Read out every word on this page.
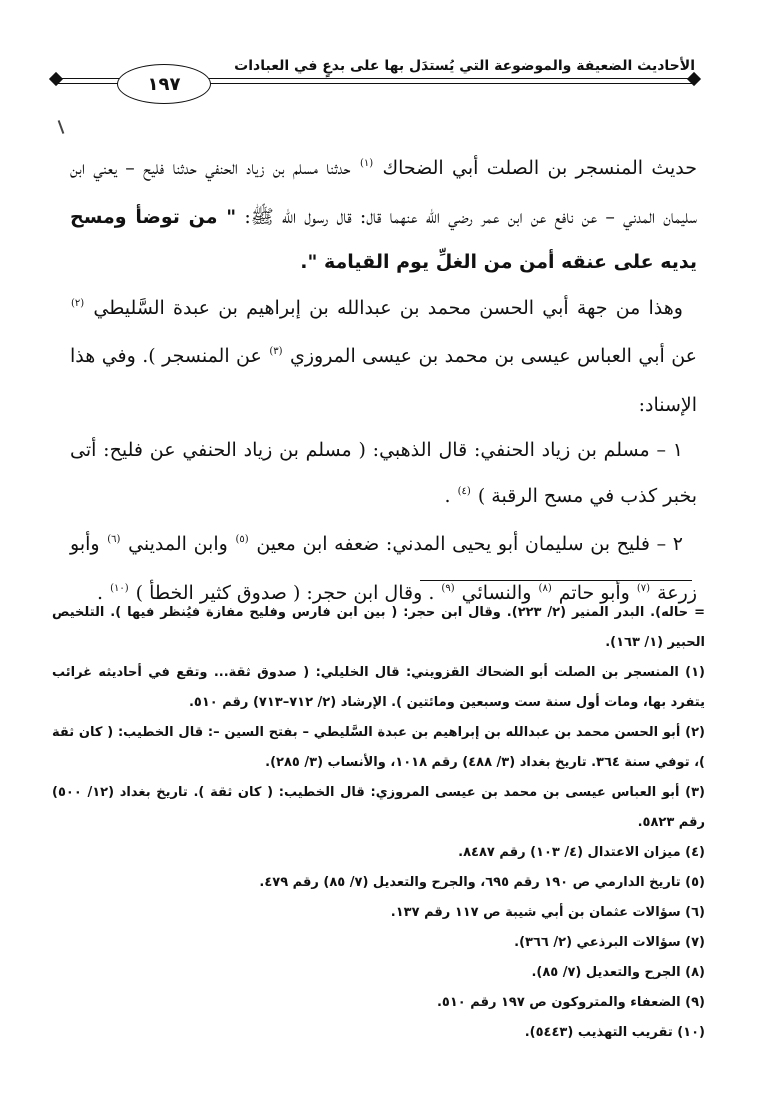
الأحاديث الضعيفة والموضوعة التي يُستدَل بها على بدعٍ في العبادات
١٩٧

حديث المنسجر بن الصلت أبي الضحاك $^{(١)}$ حدثنا مسلم بن زياد الحنفي حدثنا فليح – يعني ابن سليمان المدني – عن نافع عن ابن عمر رضي الله عنهما قال: قال رسول الله ﷺ: " من توضأ ومسح يديه على عنقه أمن من الغلِّ يوم القيامة ".

وهذا من جهة أبي الحسن محمد بن عبدالله بن إبراهيم بن عبدة السَّليطي $^{(٢)}$ عن أبي العباس عيسى بن محمد بن عيسى المروزي $^{(٣)}$ عن المنسجر ). وفي هذا الإسناد:

١ – مسلم بن زياد الحنفي: قال الذهبي: ( مسلم بن زياد الحنفي عن فليح: أتى بخبر كذب في مسح الرقبة ) $^{(٤)}$ .

٢ – فليح بن سليمان أبو يحيى المدني: ضعفه ابن معين $^{(٥)}$ وابن المديني $^{(٦)}$ وأبو زرعة $^{(٧)}$ وأبو حاتم $^{(٨)}$ والنسائي $^{(٩)}$ . وقال ابن حجر: ( صدوق كثير الخطأ ) $^{(١٠)}$ .

=حاله). البدر المنير (٢/ ٢٢٣). وقال ابن حجر: ( بين ابن فارس وفليح مفازة فيُنظر فيها ). التلخيص الحبير (١/ ١٦٣).

(١) المنسجر بن الصلت أبو الضحاك القزويني: قال الخليلي: ( صدوق ثقة... وتقع في أحاديثه غرائب يتفرد بها، ومات أول سنة ست وسبعين ومائتين ). الإرشاد (٢/ ٧١٢–٧١٣) رقم ٥١٠.

(٢) أبو الحسن محمد بن عبدالله بن إبراهيم بن عبدة السَّليطي – بفتح السين –: قال الخطيب: ( كان ثقة )، توفي سنة ٣٦٤. تاريخ بغداد (٣/ ٤٨٨) رقم ١٠١٨، والأنساب (٣/ ٢٨٥).

(٣) أبو العباس عيسى بن محمد بن عيسى المروزي: قال الخطيب: ( كان ثقة ). تاريخ بغداد (١٢/ ٥٠٠) رقم ٥٨٢٣.

(٤) ميزان الاعتدال (٤/ ١٠٣) رقم ٨٤٨٧.

(٥) تاريخ الدارمي ص ١٩٠ رقم ٦٩٥، والجرح والتعديل (٧/ ٨٥) رقم ٤٧٩.

(٦) سؤالات عثمان بن أبي شيبة ص ١١٧ رقم ١٣٧.

(٧) سؤالات البرذعي (٢/ ٣٦٦).

(٨) الجرح والتعديل (٧/ ٨٥).

(٩) الضعفاء والمتروكون ص ١٩٧ رقم ٥١٠.

(١٠) تقريب التهذيب (٥٤٤٣).
